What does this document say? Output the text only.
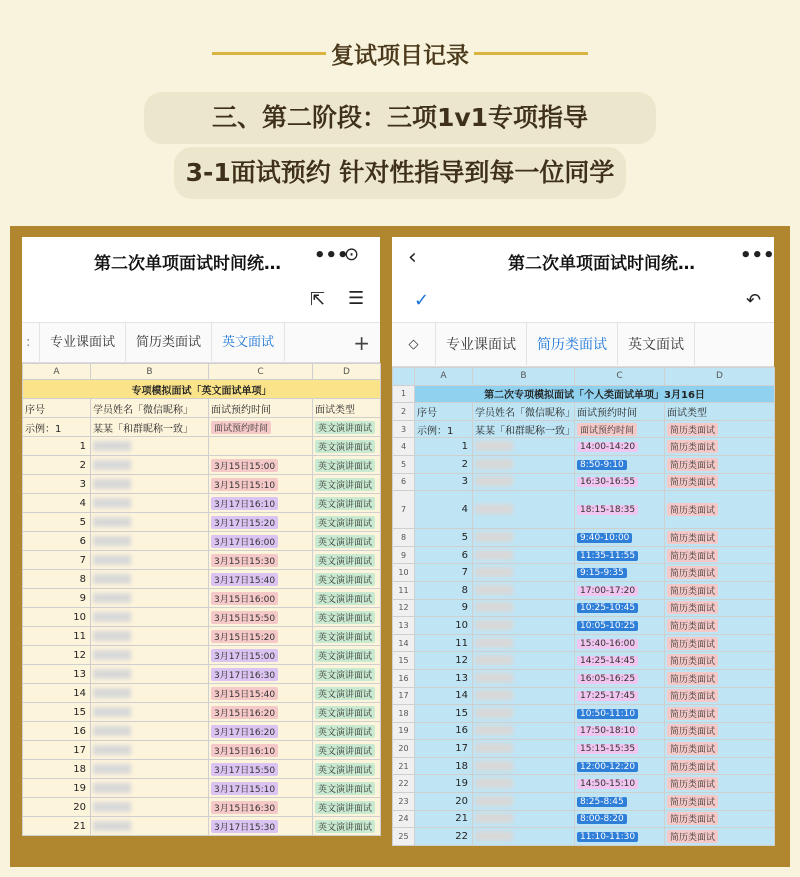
复试项目记录
三、第二阶段：三项1v1专项指导
3-1面试预约 针对性指导到每一位同学
第二次单项面试时间统… •••
⊙
⇱ ☰
:	专业课面试	简历类面试	英文面试	+
A	B	C	D
专项模拟面试「英文面试单项」			
序号	学员姓名「微信昵称」	面试预约时间	面试类型
示例：1	某某「和群昵称一致」	面试预约时间	英文演讲面试
1			英文演讲面试
2		3月15日15:00	英文演讲面试
3		3月15日15:10	英文演讲面试
4		3月17日16:10	英文演讲面试
5		3月17日15:20	英文演讲面试
6		3月17日16:00	英文演讲面试
7		3月15日15:30	英文演讲面试
8		3月17日15:40	英文演讲面试
9		3月15日16:00	英文演讲面试
10		3月15日15:50	英文演讲面试
11		3月15日15:20	英文演讲面试
12		3月17日15:00	英文演讲面试
13		3月17日16:30	英文演讲面试
14		3月15日15:40	英文演讲面试
15		3月15日16:20	英文演讲面试
16		3月17日16:20	英文演讲面试
17		3月15日16:10	英文演讲面试
18		3月17日15:50	英文演讲面试
19		3月17日15:10	英文演讲面试
20		3月15日16:30	英文演讲面试
21		3月17日15:30	英文演讲面试
‹	第二次单项面试时间统…	•••
✓	↶
◇	专业课面试	简历类面试	英文面试
	A	B	C	D
1	第二次专项模拟面试「个人类面试单项」3月16日			
2	序号	学员姓名「微信昵称」	面试预约时间	面试类型
3	示例：1	某某「和群昵称一致」	面试预约时间	简历类面试
4	1		14:00-14:20	简历类面试
5	2		8:50-9:10	简历类面试
6	3		16:30-16:55	简历类面试
7	4		18:15-18:35	简历类面试
8	5		9:40-10:00	简历类面试
9	6		11:35-11:55	简历类面试
10	7		9:15-9:35	简历类面试
11	8		17:00-17:20	简历类面试
12	9		10:25-10:45	简历类面试
13	10		10:05-10:25	简历类面试
14	11		15:40-16:00	简历类面试
15	12		14:25-14:45	简历类面试
16	13		16:05-16:25	简历类面试
17	14		17:25-17:45	简历类面试
18	15		10:50-11:10	简历类面试
19	16		17:50-18:10	简历类面试
20	17		15:15-15:35	简历类面试
21	18		12:00-12:20	简历类面试
22	19		14:50-15:10	简历类面试
23	20		8:25-8:45	简历类面试
24	21		8:00-8:20	简历类面试
25	22		11:10-11:30	简历类面试
